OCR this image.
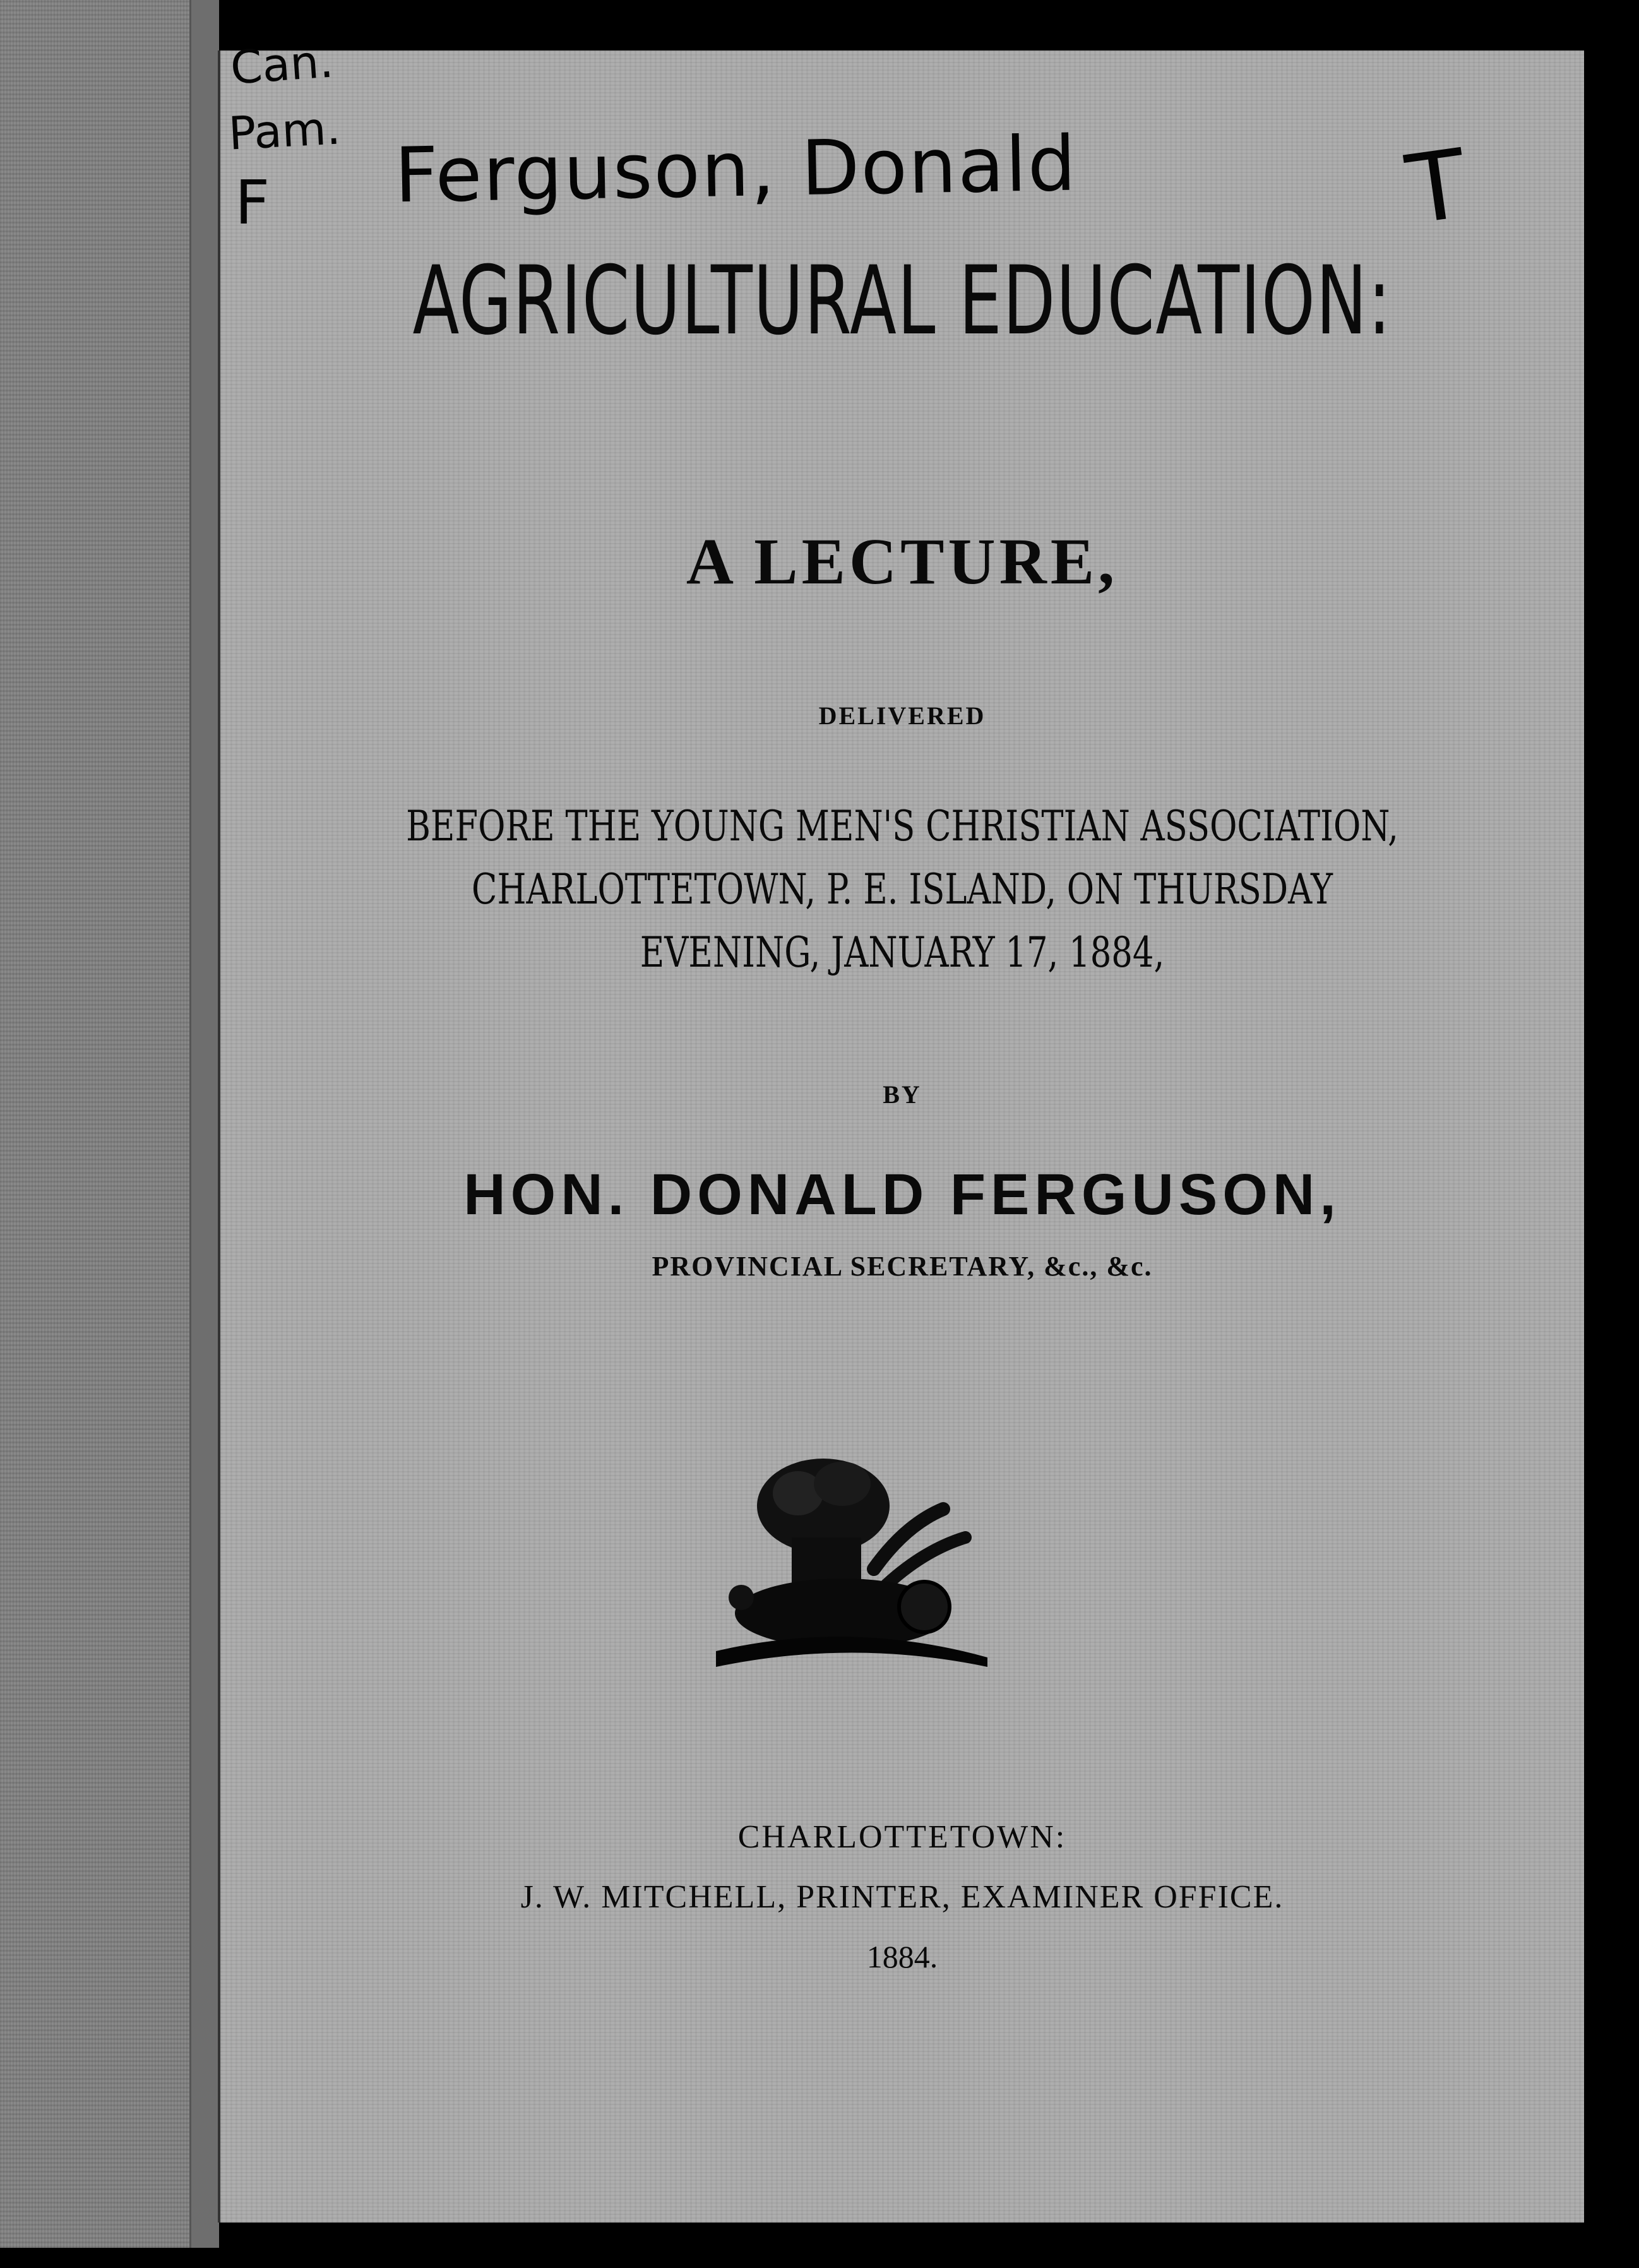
AGRICULTURAL EDUCATION:
A LECTURE,
DELIVERED
BEFORE THE YOUNG MEN'S CHRISTIAN ASSOCIATION,
CHARLOTTETOWN, P. E. ISLAND, ON THURSDAY
EVENING, JANUARY 17, 1884,
BY
HON. DONALD FERGUSON,
PROVINCIAL SECRETARY, &c., &c.
CHARLOTTETOWN:
J. W. MITCHELL, PRINTER, EXAMINER OFFICE.
1884.
Can.
Pam.
F Ferguson, Donald	T
